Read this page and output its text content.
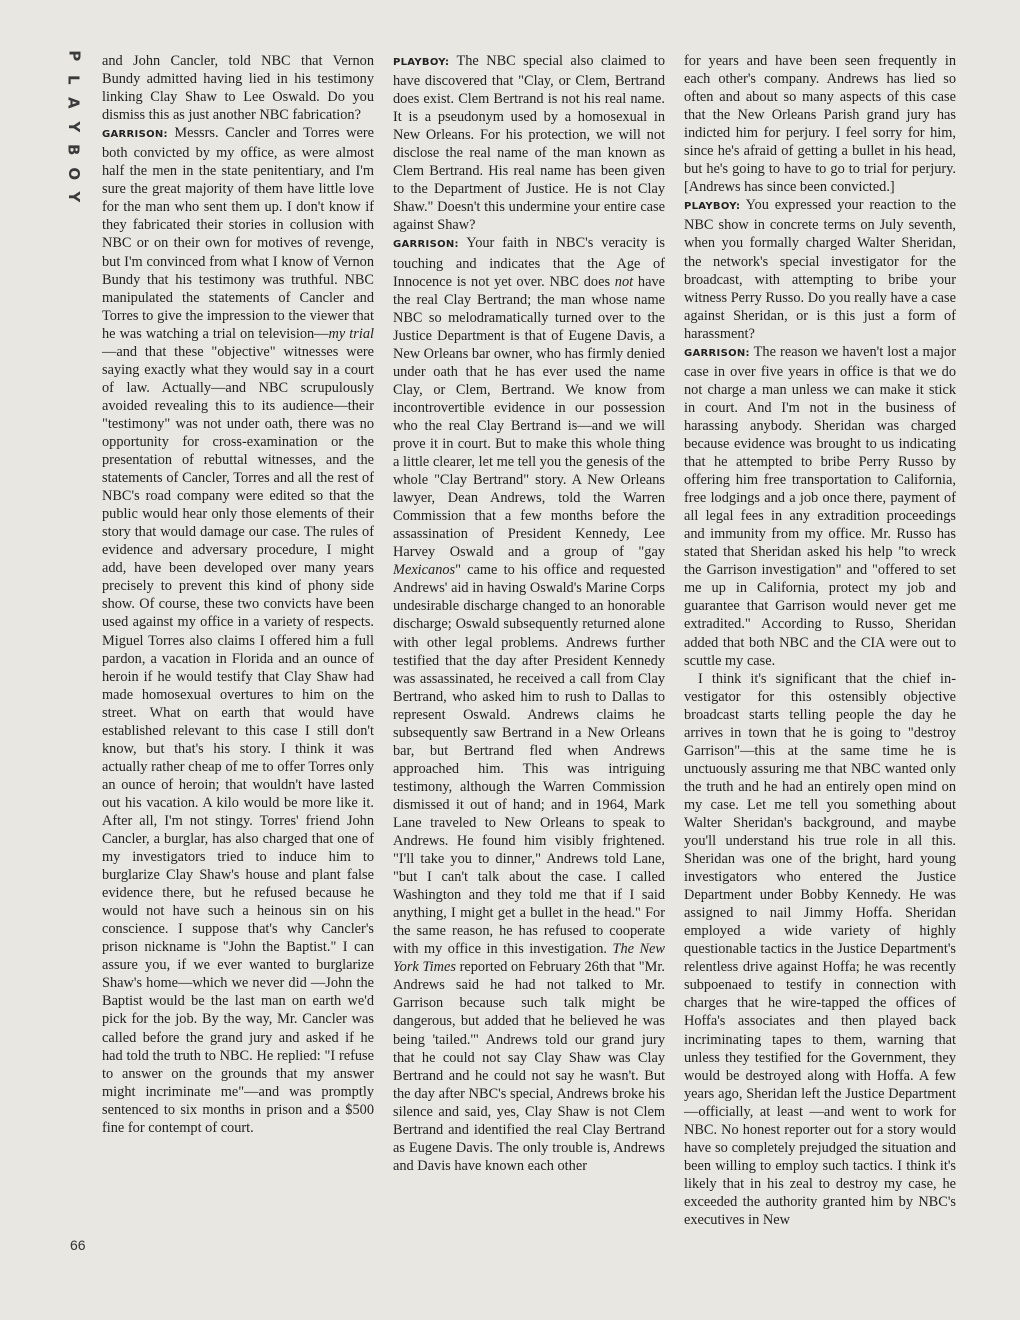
P
L
A
Y
B
O
Y
66

and John Cancler, told NBC that Vernon Bundy admitted having lied in his testimony linking Clay Shaw to Lee Oswald. Do you dismiss this as just another NBC fabrication?

GARRISON: Messrs. Cancler and Torres were both convicted by my office, as were almost half the men in the state penitentiary, and I'm sure the great majority of them have little love for the man who sent them up. I don't know if they fabricated their stories in collusion with NBC or on their own for motives of revenge, but I'm convinced from what I know of Vernon Bundy that his testimony was truthful. NBC manipulated the statements of Cancler and Torres to give the impression to the viewer that he was watching a trial on television—my trial—and that these "objective" witnesses were saying exactly what they would say in a court of law. Actually—and NBC scrupulously avoided revealing this to its audience—their "testimony" was not under oath, there was no opportunity for cross-examination or the presentation of rebuttal witnesses, and the statements of Cancler, Torres and all the rest of NBC's road company were edited so that the public would hear only those elements of their story that would damage our case. The rules of evidence and adversary procedure, I might add, have been developed over many years precisely to prevent this kind of phony side show. Of course, these two convicts have been used against my office in a variety of respects. Miguel Torres also claims I offered him a full pardon, a vacation in Florida and an ounce of heroin if he would testify that Clay Shaw had made homosexual overtures to him on the street. What on earth that would have established relevant to this case I still don't know, but that's his story. I think it was actually rather cheap of me to offer Torres only an ounce of heroin; that wouldn't have lasted out his vacation. A kilo would be more like it. After all, I'm not stingy. Torres' friend John Cancler, a burglar, has also charged that one of my investigators tried to induce him to burglarize Clay Shaw's house and plant false evidence there, but he refused because he would not have such a heinous sin on his conscience. I suppose that's why Cancler's prison nickname is "John the Baptist." I can assure you, if we ever wanted to burglarize Shaw's home—which we never did —John the Baptist would be the last man on earth we'd pick for the job. By the way, Mr. Cancler was called before the grand jury and asked if he had told the truth to NBC. He replied: "I refuse to answer on the grounds that my answer might incriminate me"—and was promptly sentenced to six months in prison and a $500 fine for contempt of court.

PLAYBOY: The NBC special also claimed to have discovered that "Clay, or Clem, Bertrand does exist. Clem Bertrand is not his real name. It is a pseudonym used by a homosexual in New Orleans. For his protection, we will not disclose the real name of the man known as Clem Bertrand. His real name has been given to the Department of Justice. He is not Clay Shaw." Doesn't this undermine your entire case against Shaw?

GARRISON: Your faith in NBC's veracity is touching and indicates that the Age of Innocence is not yet over. NBC does not have the real Clay Bertrand; the man whose name NBC so melodramatically turned over to the Justice Department is that of Eugene Davis, a New Orleans bar owner, who has firmly denied under oath that he has ever used the name Clay, or Clem, Bertrand. We know from incontrovertible evidence in our possession who the real Clay Bertrand is—and we will prove it in court. But to make this whole thing a little clearer, let me tell you the genesis of the whole "Clay Bertrand" story. A New Orleans lawyer, Dean Andrews, told the Warren Commission that a few months before the assassination of President Kennedy, Lee Harvey Oswald and a group of "gay Mexicanos" came to his office and requested Andrews' aid in having Oswald's Marine Corps undesirable discharge changed to an honorable discharge; Oswald subsequently returned alone with other legal problems. Andrews further testified that the day after President Kennedy was assassinated, he received a call from Clay Bertrand, who asked him to rush to Dallas to represent Oswald. Andrews claims he subsequently saw Bertrand in a New Orleans bar, but Bertrand fled when Andrews approached him. This was intriguing testimony, although the Warren Commission dismissed it out of hand; and in 1964, Mark Lane traveled to New Orleans to speak to Andrews. He found him visibly frightened. "I'll take you to dinner," Andrews told Lane, "but I can't talk about the case. I called Washington and they told me that if I said anything, I might get a bullet in the head." For the same reason, he has refused to cooperate with my office in this investigation. The New York Times reported on February 26th that "Mr. Andrews said he had not talked to Mr. Garrison because such talk might be dangerous, but added that he believed he was being 'tailed.'" Andrews told our grand jury that he could not say Clay Shaw was Clay Bertrand and he could not say he wasn't. But the day after NBC's special, Andrews broke his silence and said, yes, Clay Shaw is not Clem Bertrand and identified the real Clay Bertrand as Eugene Davis. The only trouble is, Andrews and Davis have known each other

for years and have been seen frequently in each other's company. Andrews has lied so often and about so many aspects of this case that the New Orleans Parish grand jury has indicted him for perjury. I feel sorry for him, since he's afraid of getting a bullet in his head, but he's going to have to go to trial for perjury. [Andrews has since been convicted.]

PLAYBOY: You expressed your reaction to the NBC show in concrete terms on July seventh, when you formally charged Walter Sheridan, the network's special investigator for the broadcast, with attempting to bribe your witness Perry Russo. Do you really have a case against Sheridan, or is this just a form of harassment?

GARRISON: The reason we haven't lost a major case in over five years in office is that we do not charge a man unless we can make it stick in court. And I'm not in the business of harassing anybody. Sheridan was charged because evidence was brought to us indicating that he attempted to bribe Perry Russo by offering him free transportation to California, free lodgings and a job once there, payment of all legal fees in any extradition proceedings and immunity from my office. Mr. Russo has stated that Sheridan asked his help "to wreck the Garrison investigation" and "offered to set me up in California, protect my job and guarantee that Garrison would never get me extradited." According to Russo, Sheridan added that both NBC and the CIA were out to scuttle my case.

I think it's significant that the chief investigator for this ostensibly objective broadcast starts telling people the day he arrives in town that he is going to "destroy Garrison"—this at the same time he is unctuously assuring me that NBC wanted only the truth and he had an entirely open mind on my case. Let me tell you something about Walter Sheridan's background, and maybe you'll understand his true role in all this. Sheridan was one of the bright, hard young investigators who entered the Justice Department under Bobby Kennedy. He was assigned to nail Jimmy Hoffa. Sheridan employed a wide variety of highly questionable tactics in the Justice Department's relentless drive against Hoffa; he was recently subpoenaed to testify in connection with charges that he wire-tapped the offices of Hoffa's associates and then played back incriminating tapes to them, warning that unless they testified for the Government, they would be destroyed along with Hoffa. A few years ago, Sheridan left the Justice Department—officially, at least —and went to work for NBC. No honest reporter out for a story would have so completely prejudged the situation and been willing to employ such tactics. I think it's likely that in his zeal to destroy my case, he exceeded the authority granted him by NBC's executives in New
